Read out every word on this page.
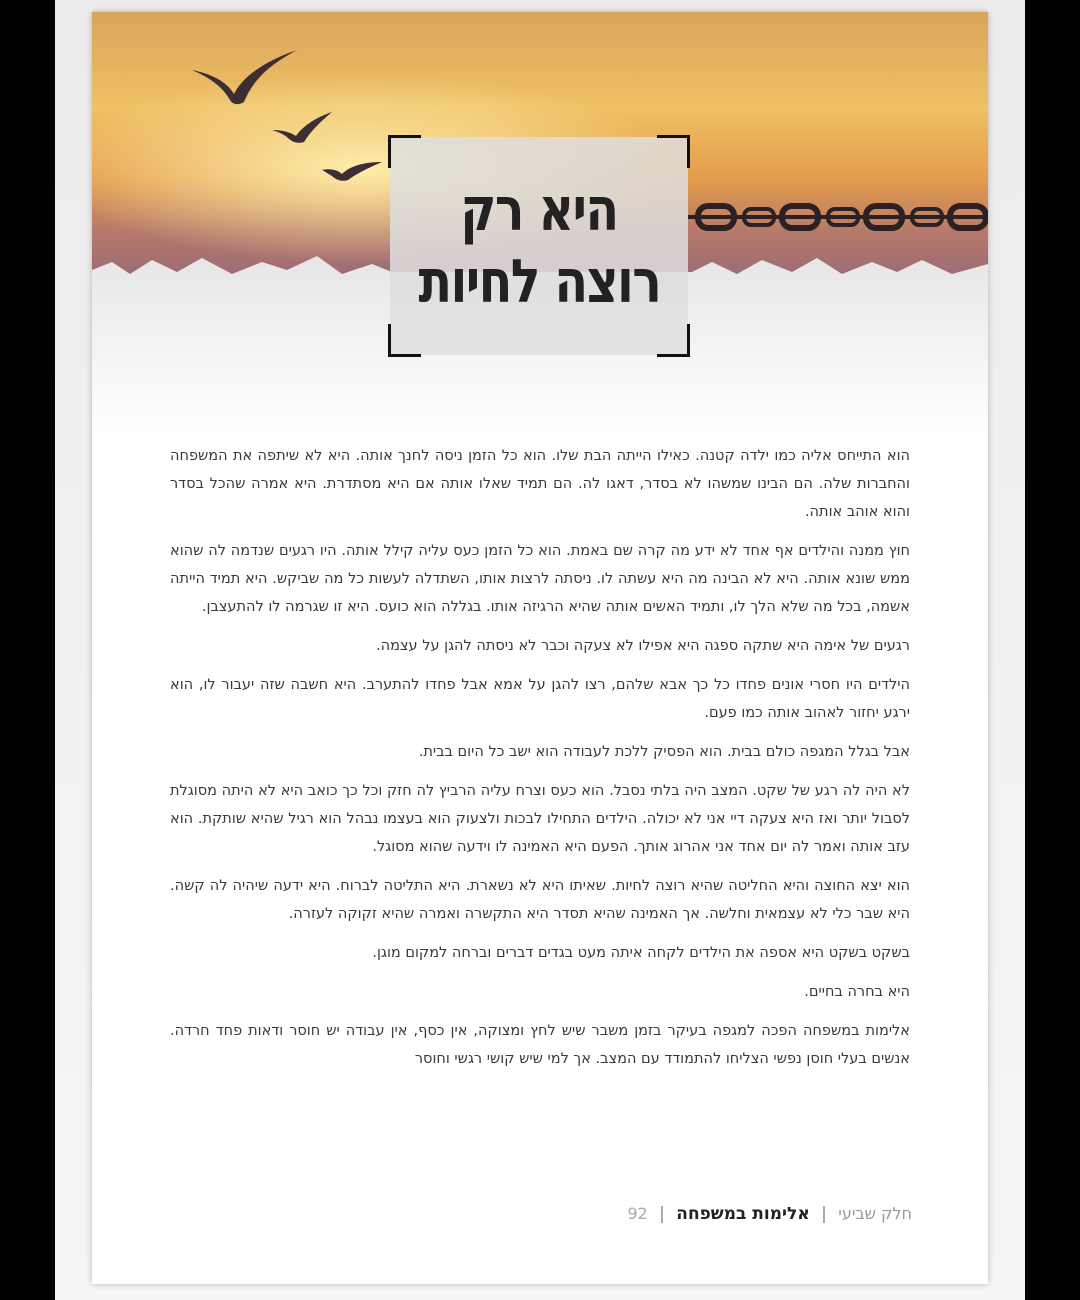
היא רק
רוצה לחיות

הוא התייחס אליה כמו ילדה קטנה. כאילו הייתה הבת שלו. הוא כל הזמן ניסה לחנך אותה. היא לא שיתפה את המשפחה והחברות שלה. הם הבינו שמשהו לא בסדר, דאגו לה. הם תמיד שאלו אותה אם היא מסתדרת. היא אמרה שהכל בסדר והוא אוהב אותה.

חוץ ממנה והילדים אף אחד לא ידע מה קרה שם באמת. הוא כל הזמן כעס עליה קילל אותה. היו רגעים שנדמה לה שהוא ממש שונא אותה. היא לא הבינה מה היא עשתה לו. ניסתה לרצות אותו, השתדלה לעשות כל מה שביקש. היא תמיד הייתה אשמה, בכל מה שלא הלך לו, ותמיד האשים אותה שהיא הרגיזה אותו. בגללה הוא כועס. היא זו שגרמה לו להתעצבן.

רגעים של אימה היא שתקה ספגה היא אפילו לא צעקה וכבר לא ניסתה להגן על עצמה.

הילדים היו חסרי אונים פחדו כל כך אבא שלהם, רצו להגן על אמא אבל פחדו להתערב. היא חשבה שזה יעבור לו, הוא ירגע יחזור לאהוב אותה כמו פעם.

אבל בגלל המגפה כולם בבית. הוא הפסיק ללכת לעבודה הוא ישב כל היום בבית.

לא היה לה רגע של שקט. המצב היה בלתי נסבל. הוא כעס וצרח עליה הרביץ לה חזק וכל כך כואב היא לא היתה מסוגלת לסבול יותר ואז היא צעקה דיי אני לא יכולה. הילדים התחילו לבכות ולצעוק הוא בעצמו נבהל הוא רגיל שהיא שותקת. הוא עזב אותה ואמר לה יום אחד אני אהרוג אותך. הפעם היא האמינה לו וידעה שהוא מסוגל.

הוא יצא החוצה והיא החליטה שהיא רוצה לחיות. שאיתו היא לא נשארת. היא התליטה לברוח. היא ידעה שיהיה לה קשה. היא שבר כלי לא עצמאית וחלשה. אך האמינה שהיא תסדר היא התקשרה ואמרה שהיא זקוקה לעזרה.

בשקט בשקט היא אספה את הילדים לקחה איתה מעט בגדים דברים וברחה למקום מוגן.

היא בחרה בחיים.

אלימות במשפחה הפכה למגפה בעיקר בזמן משבר שיש לחץ ומצוקה, אין כסף, אין עבודה יש חוסר ודאות פחד חרדה. אנשים בעלי חוסן נפשי הצליחו להתמודד עם המצב. אך למי שיש קושי רגשי וחוסר

חלק שביעי | אלימות במשפחה | 92
